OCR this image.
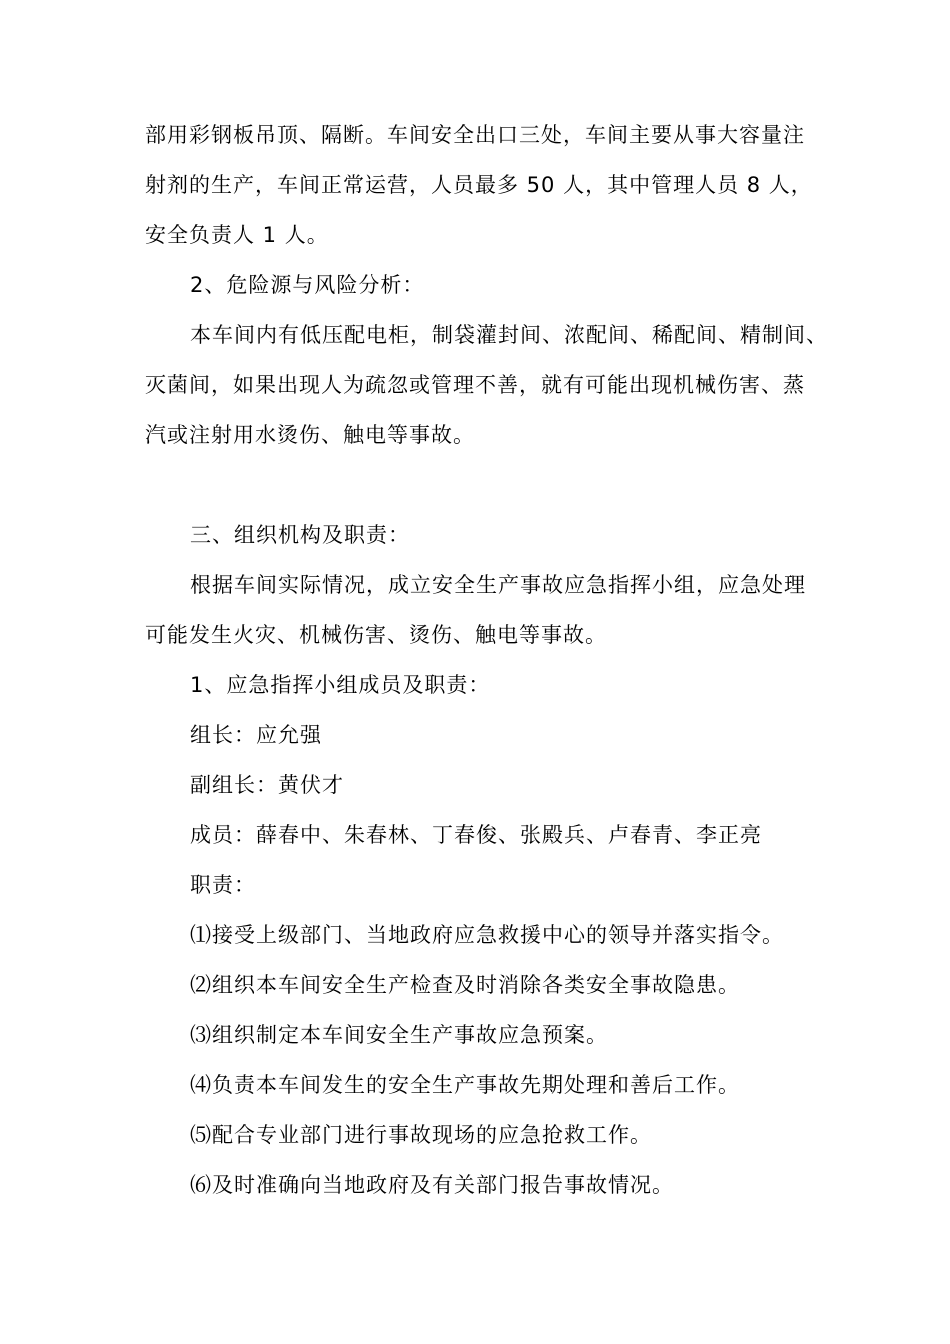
部用彩钢板吊顶、隔断。车间安全出口三处，车间主要从事大容量注

射剂的生产，车间正常运营，人员最多 50 人，其中管理人员 8 人，

安全负责人 1 人。

2、危险源与风险分析：

本车间内有低压配电柜，制袋灌封间、浓配间、稀配间、精制间、

灭菌间，如果出现人为疏忽或管理不善，就有可能出现机械伤害、蒸

汽或注射用水烫伤、触电等事故。

三、组织机构及职责：

根据车间实际情况，成立安全生产事故应急指挥小组，应急处理

可能发生火灾、机械伤害、烫伤、触电等事故。

1、应急指挥小组成员及职责：

组长：应允强

副组长：黄伏才

成员：薛春中、朱春林、丁春俊、张殿兵、卢春青、李正亮

职责：

⑴接受上级部门、当地政府应急救援中心的领导并落实指令。

⑵组织本车间安全生产检查及时消除各类安全事故隐患。

⑶组织制定本车间安全生产事故应急预案。

⑷负责本车间发生的安全生产事故先期处理和善后工作。

⑸配合专业部门进行事故现场的应急抢救工作。

⑹及时准确向当地政府及有关部门报告事故情况。
